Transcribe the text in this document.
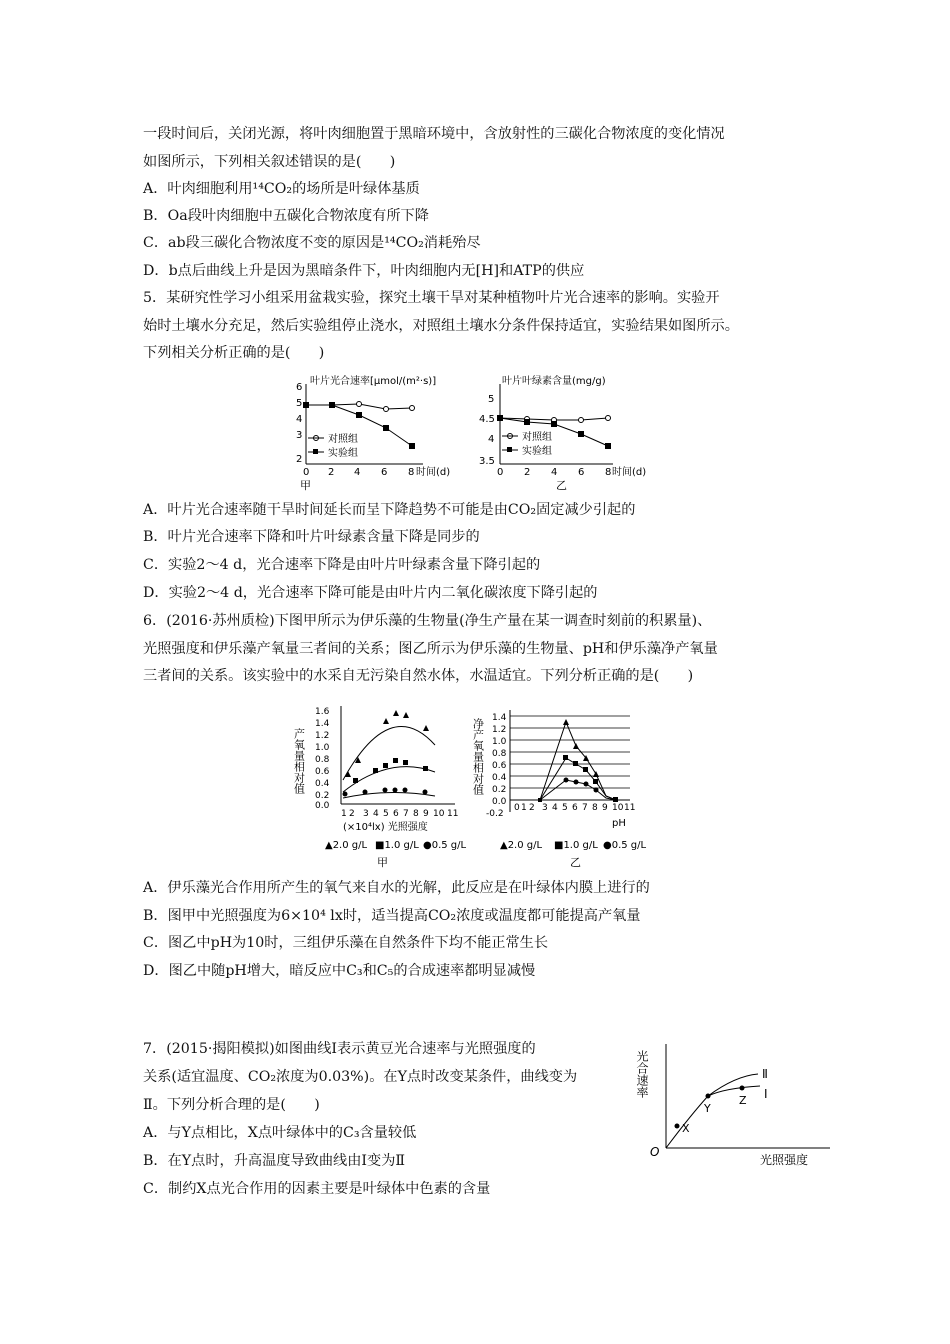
一段时间后，关闭光源，将叶肉细胞置于黑暗环境中，含放射性的三碳化合物浓度的变化情况
如图所示，下列相关叙述错误的是(　　)
A．叶肉细胞利用¹⁴CO₂的场所是叶绿体基质
B．Oa段叶肉细胞中五碳化合物浓度有所下降
C．ab段三碳化合物浓度不变的原因是¹⁴CO₂消耗殆尽
D．b点后曲线上升是因为黑暗条件下，叶肉细胞内无[H]和ATP的供应
5．某研究性学习小组采用盆栽实验，探究土壤干旱对某种植物叶片光合速率的影响。实验开
始时土壤水分充足，然后实验组停止浇水，对照组土壤水分条件保持适宜，实验结果如图所示。
下列相关分析正确的是(　　)
叶片光合速率[μmol/(m²·s)]
6
5
4
3
2
0 2 4 6 8 时间(d)
对照组
实验组
甲
叶片叶绿素含量(mg/g)
5
4.5
4
3.5
0 2 4 6 8 时间(d)
对照组
实验组
乙
A．叶片光合速率随干旱时间延长而呈下降趋势不可能是由CO₂固定减少引起的
B．叶片光合速率下降和叶片叶绿素含量下降是同步的
C．实验2～4 d，光合速率下降是由叶片叶绿素含量下降引起的
D．实验2～4 d，光合速率下降可能是由叶片内二氧化碳浓度下降引起的
6．(2016·苏州质检)下图甲所示为伊乐藻的生物量(净生产量在某一调查时刻前的积累量)、
光照强度和伊乐藻产氧量三者间的关系；图乙所示为伊乐藻的生物量、pH和伊乐藻净产氧量
三者间的关系。该实验中的水采自无污染自然水体，水温适宜。下列分析正确的是(　　)
产氧量相对值
1.6
1.4
1.2
1.0
0.8
0.6
0.4
0.2
0.0
1 2 3 4 5 6 7 8 9 10 11
(×10⁴lx) 光照强度
▲2.0 g/L ■1.0 g/L ●0.5 g/L
甲
净产氧量相对值 1.4
1.2
1.0
0.8
0.6
0.4
0.2
0.0
-0.2
0 1 2 3 4 5 6 7 8 9 10 11
pH
▲2.0 g/L ■1.0 g/L ●0.5 g/L
乙
A．伊乐藻光合作用所产生的氧气来自水的光解，此反应是在叶绿体内膜上进行的
B．图甲中光照强度为6×10⁴ lx时，适当提高CO₂浓度或温度都可能提高产氧量
C．图乙中pH为10时，三组伊乐藻在自然条件下均不能正常生长
D．图乙中随pH增大，暗反应中C₃和C₅的合成速率都明显减慢
7．(2015·揭阳模拟)如图曲线Ⅰ表示黄豆光合速率与光照强度的
关系(适宜温度、CO₂浓度为0.03%)。在Y点时改变某条件，曲线变为
Ⅱ。下列分析合理的是(　　)
A．与Y点相比，X点叶绿体中的C₃含量较低
B．在Y点时，升高温度导致曲线由Ⅰ变为Ⅱ
C．制约X点光合作用的因素主要是叶绿体中色素的含量
光合速率
O
光照强度
X
Y
Z
Ⅱ
Ⅰ
